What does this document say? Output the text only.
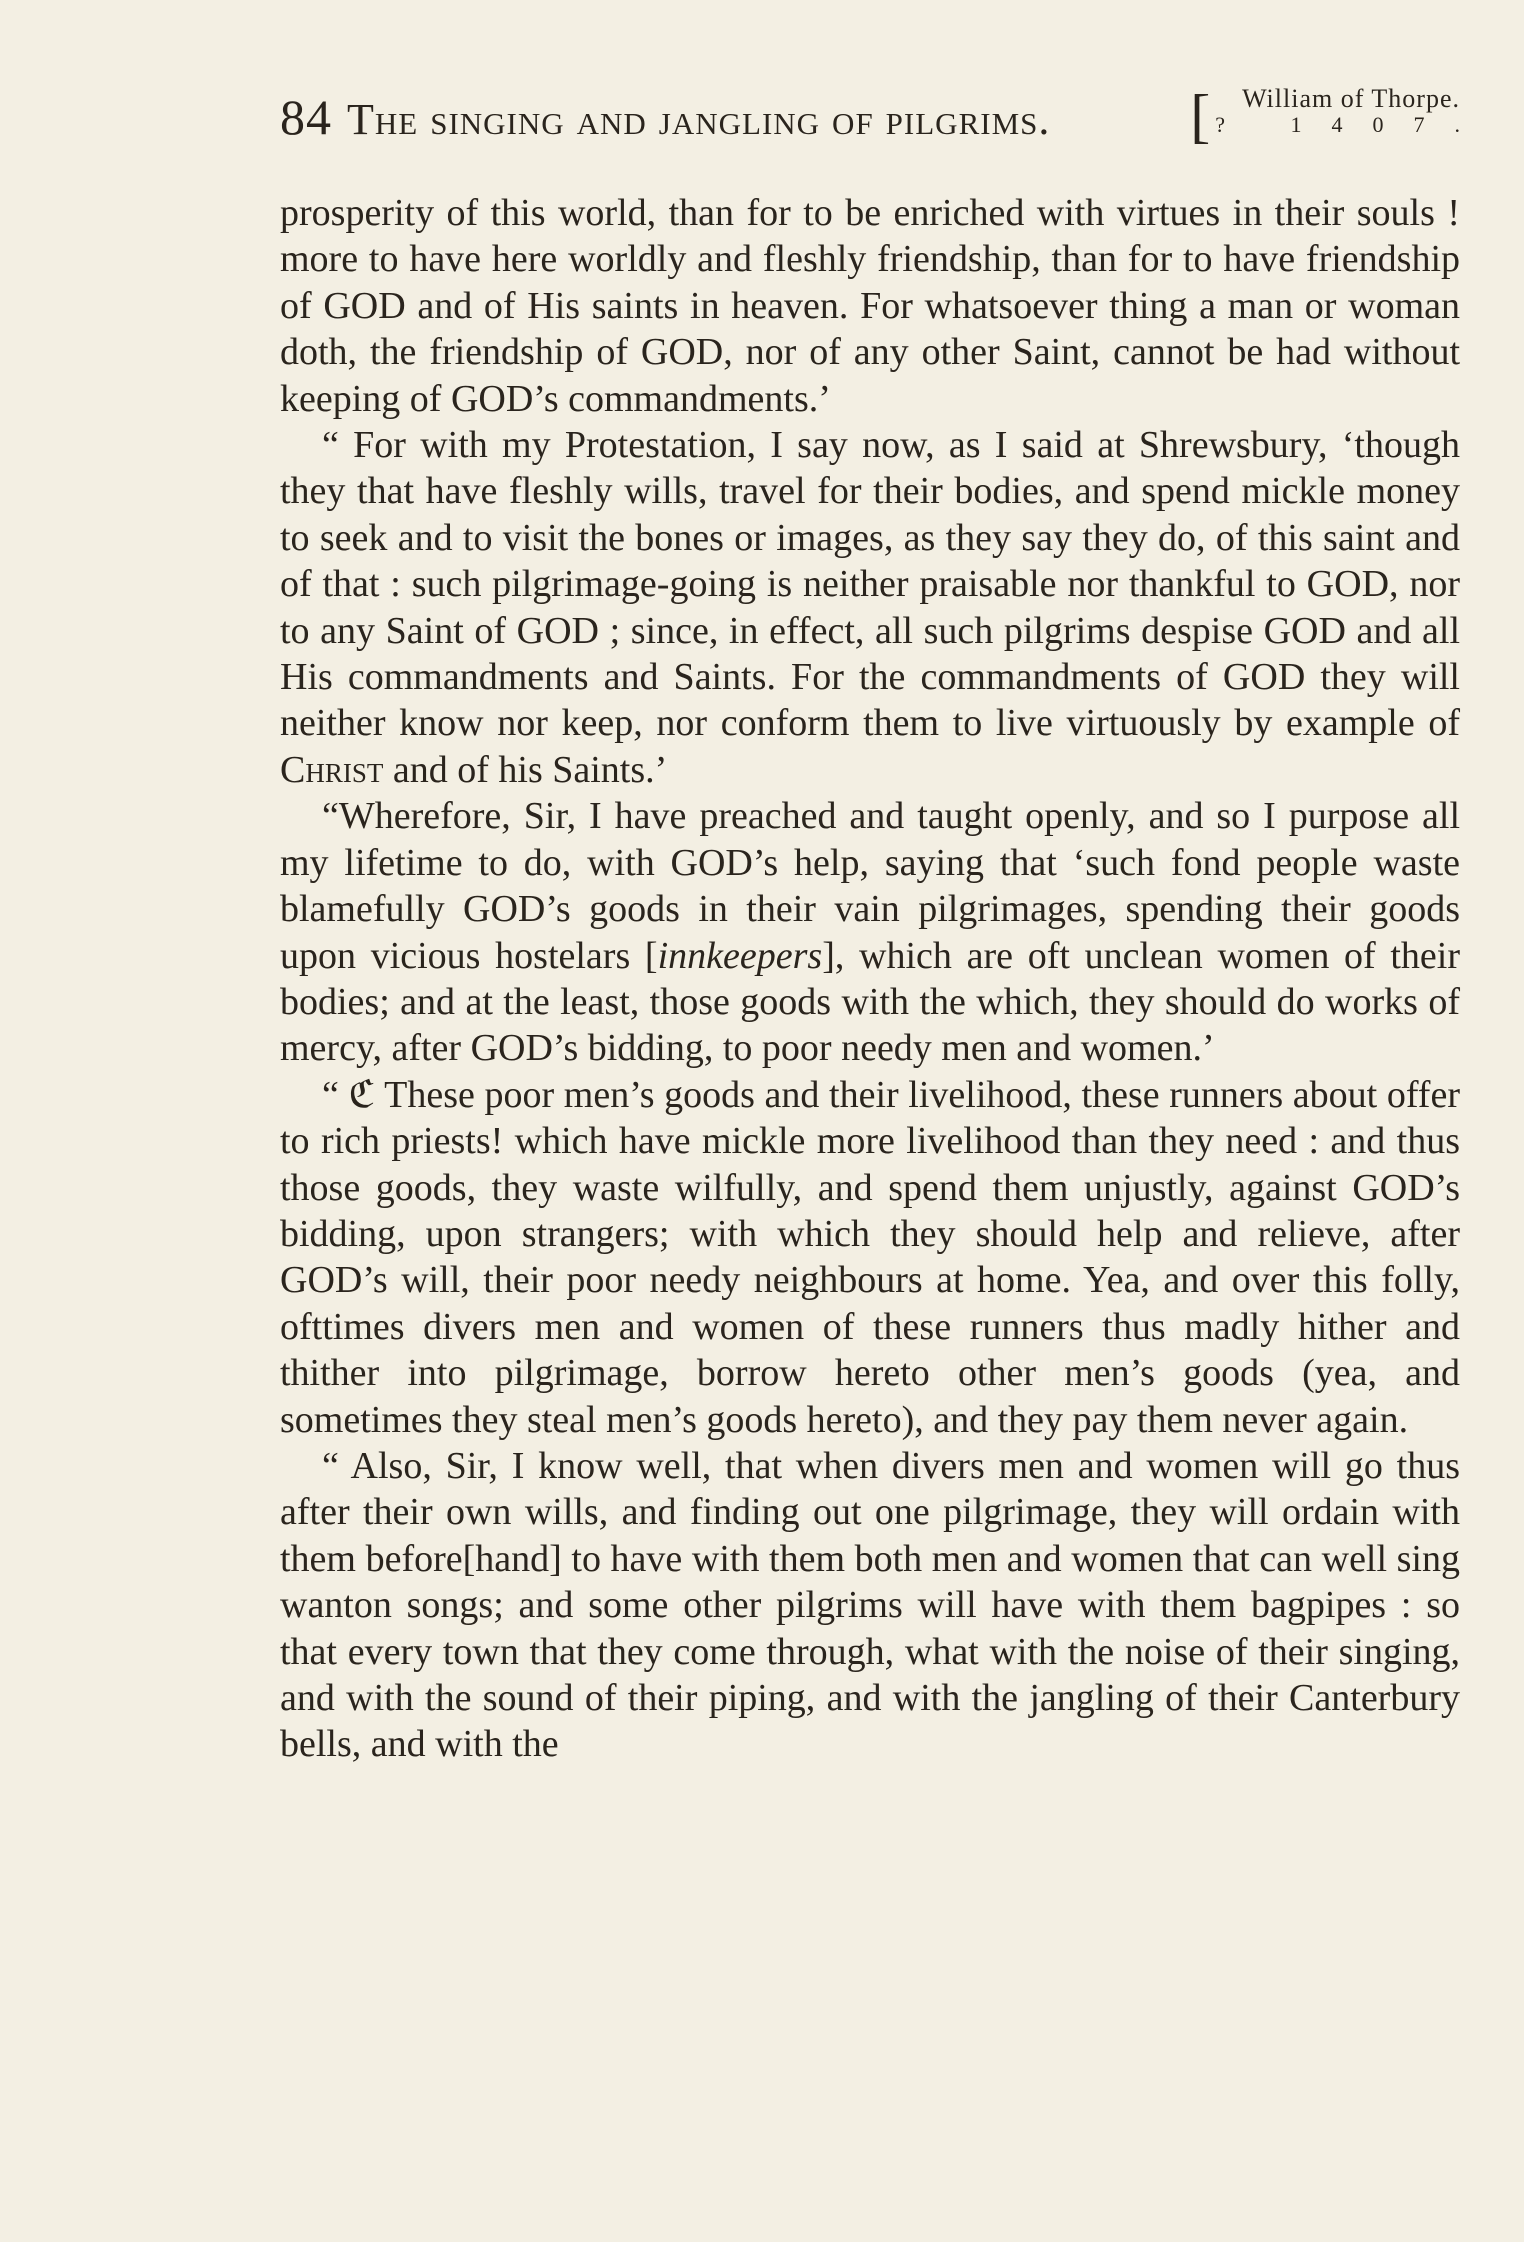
84 The singing and jangling of pilgrims. [ William of Thorpe.
? 1407.

prosperity of this world, than for to be enriched with virtues in their souls ! more to have here worldly and fleshly friendship, than for to have friendship of GOD and of His saints in heaven. For whatsoever thing a man or woman doth, the friendship of GOD, nor of any other Saint, cannot be had without keeping of GOD’s commandments.’

“ For with my Protestation, I say now, as I said at Shrewsbury, ‘though they that have fleshly wills, travel for their bodies, and spend mickle money to seek and to visit the bones or images, as they say they do, of this saint and of that : such pilgrimage-going is neither praisable nor thankful to GOD, nor to any Saint of GOD ; since, in effect, all such pilgrims despise GOD and all His commandments and Saints. For the commandments of GOD they will neither know nor keep, nor conform them to live virtuously by example of Christ and of his Saints.’

“Wherefore, Sir, I have preached and taught openly, and so I purpose all my lifetime to do, with GOD’s help, saying that ‘such fond people waste blamefully GOD’s goods in their vain pilgrimages, spending their goods upon vicious hostelars [innkeepers], which are oft unclean women of their bodies; and at the least, those goods with the which, they should do works of mercy, after GOD’s bidding, to poor needy men and women.’

“ ℭ These poor men’s goods and their livelihood, these runners about offer to rich priests! which have mickle more livelihood than they need : and thus those goods, they waste wilfully, and spend them unjustly, against GOD’s bidding, upon strangers; with which they should help and relieve, after GOD’s will, their poor needy neighbours at home. Yea, and over this folly, ofttimes divers men and women of these runners thus madly hither and thither into pilgrimage, borrow hereto other men’s goods (yea, and sometimes they steal men’s goods hereto), and they pay them never again.

“ Also, Sir, I know well, that when divers men and women will go thus after their own wills, and finding out one pilgrimage, they will ordain with them before[hand] to have with them both men and women that can well sing wanton songs; and some other pilgrims will have with them bagpipes : so that every town that they come through, what with the noise of their singing, and with the sound of their piping, and with the jangling of their Canterbury bells, and with the
